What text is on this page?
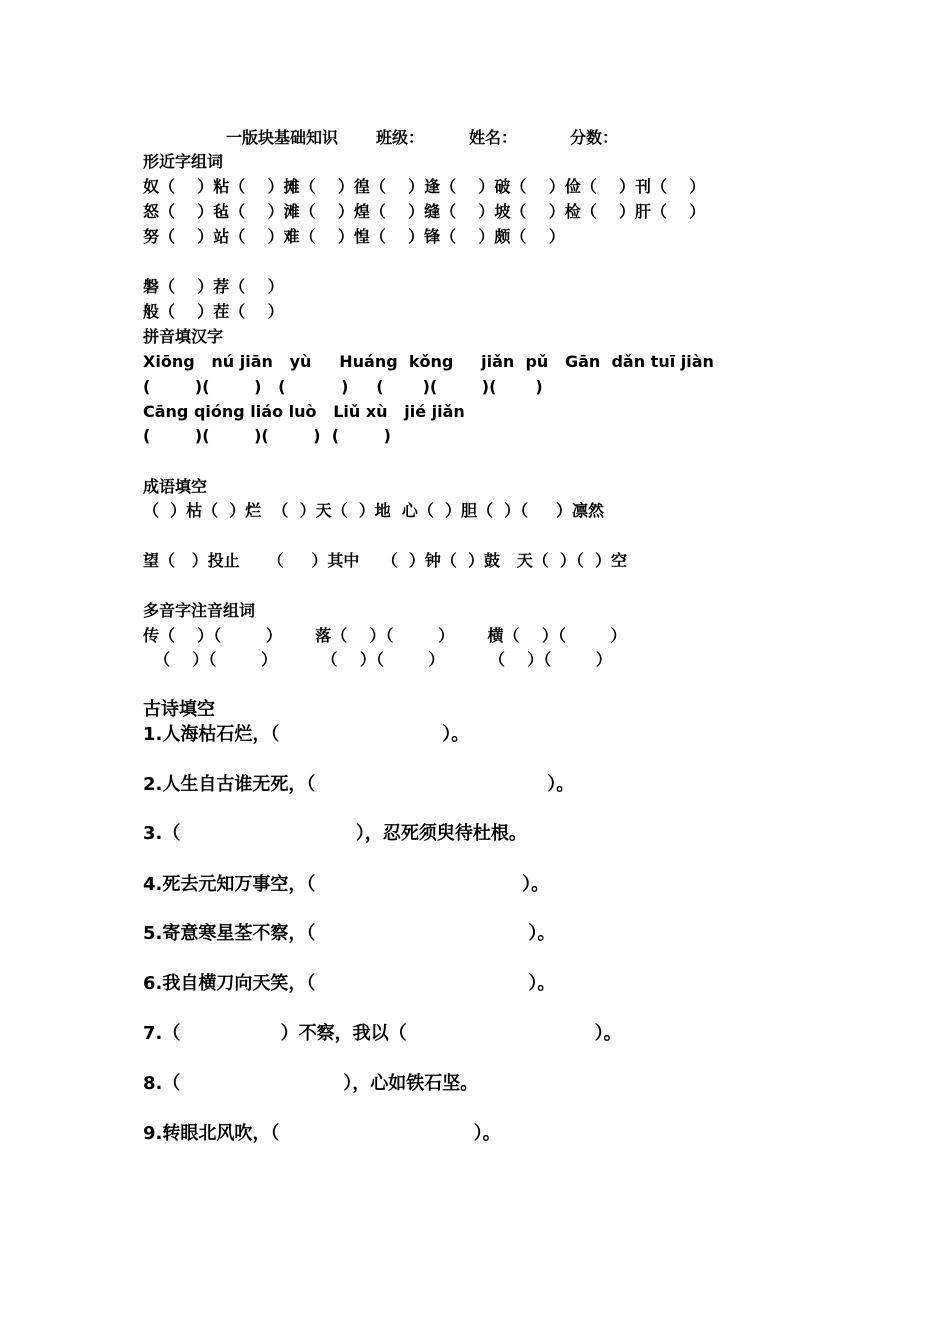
一版块基础知识 班级：	姓名：	分数：
形近字组词
奴（    ）粘（    ）摊（    ）徨（    ）逢（    ）破（    ）俭（    ）刊（    ）
怒（    ）毡（    ）滩（    ）煌（    ）缝（    ）坡（    ）检（    ）肝（    ）
努（    ）站（    ）难（    ）惶（    ）锋（    ）颇（    ）
磐（    ）荐（    ）
般（    ）茬（    ）
拼音填汉字
Xiōng   nú jiān   yù     Huáng  kǒng     jiǎn  pǔ   Gān  dǎn tuī jiàn
(        )(        )   (          )     (       )(        )(       )
Cāng qióng liáo luò   Liǔ xù   jié jiǎn
(        )(        )(        )  (        )
成语填空
（  ）枯（  ）烂  （  ）天（  ）地  心（  ）胆（  ）（     ）凛然
望（   ）投止     （     ）其中    （  ）钟（  ）鼓   天（  ）（  ）空
多音字注音组词
传（    ）（        ）      落（    ）（        ）      横（    ）（        ）
（    ）（        ）        （    ）（        ）        （    ）（        ）
古诗填空
1.人海枯石烂，（                          ）。
2.人生自古谁无死，（                                     ）。
3.（                            ），忍死须臾待杜根。
4.死去元知万事空，（                                 ）。
5.寄意寒星荃不察，（                                  ）。
6.我自横刀向天笑，（                                  ）。
7.（                ）不察，我以（                              ）。
8.（                          ），心如铁石坚。
9.转眼北风吹，（                               ）。
